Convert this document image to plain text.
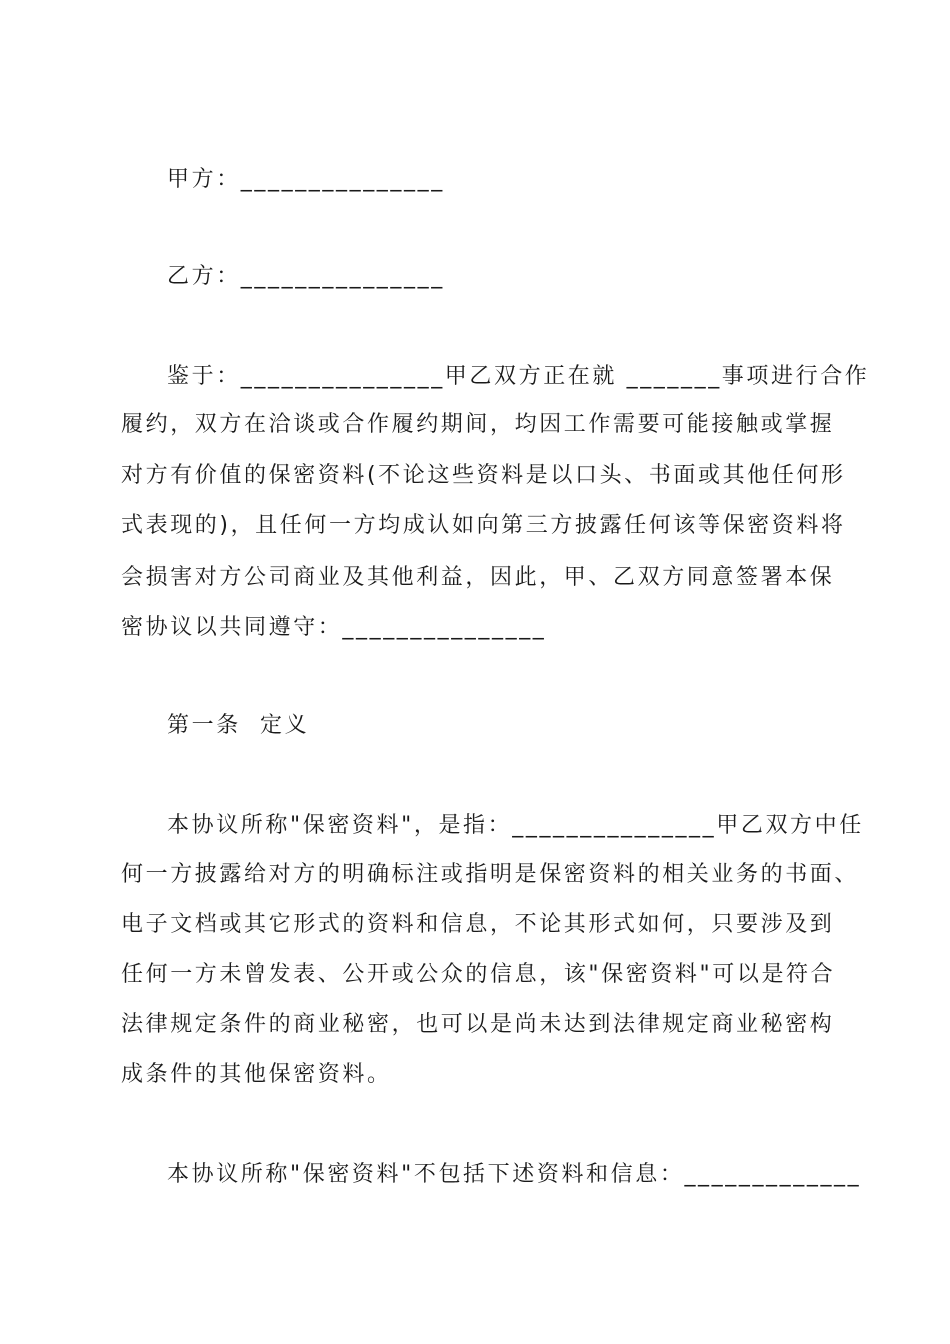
甲方：_______________
乙方：_______________
鉴于：_______________甲乙双方正在就 _______事项进行合作
履约，双方在洽谈或合作履约期间，均因工作需要可能接触或掌握
对方有价值的保密资料(不论这些资料是以口头、书面或其他任何形
式表现的)，且任何一方均成认如向第三方披露任何该等保密资料将
会损害对方公司商业及其他利益，因此，甲、乙双方同意签署本保
密协议以共同遵守：_______________
第一条  定义
本协议所称"保密资料"，是指：_______________甲乙双方中任
何一方披露给对方的明确标注或指明是保密资料的相关业务的书面、
电子文档或其它形式的资料和信息，不论其形式如何，只要涉及到
任何一方未曾发表、公开或公众的信息，该"保密资料"可以是符合
法律规定条件的商业秘密，也可以是尚未达到法律规定商业秘密构
成条件的其他保密资料。
本协议所称"保密资料"不包括下述资料和信息：_____________
